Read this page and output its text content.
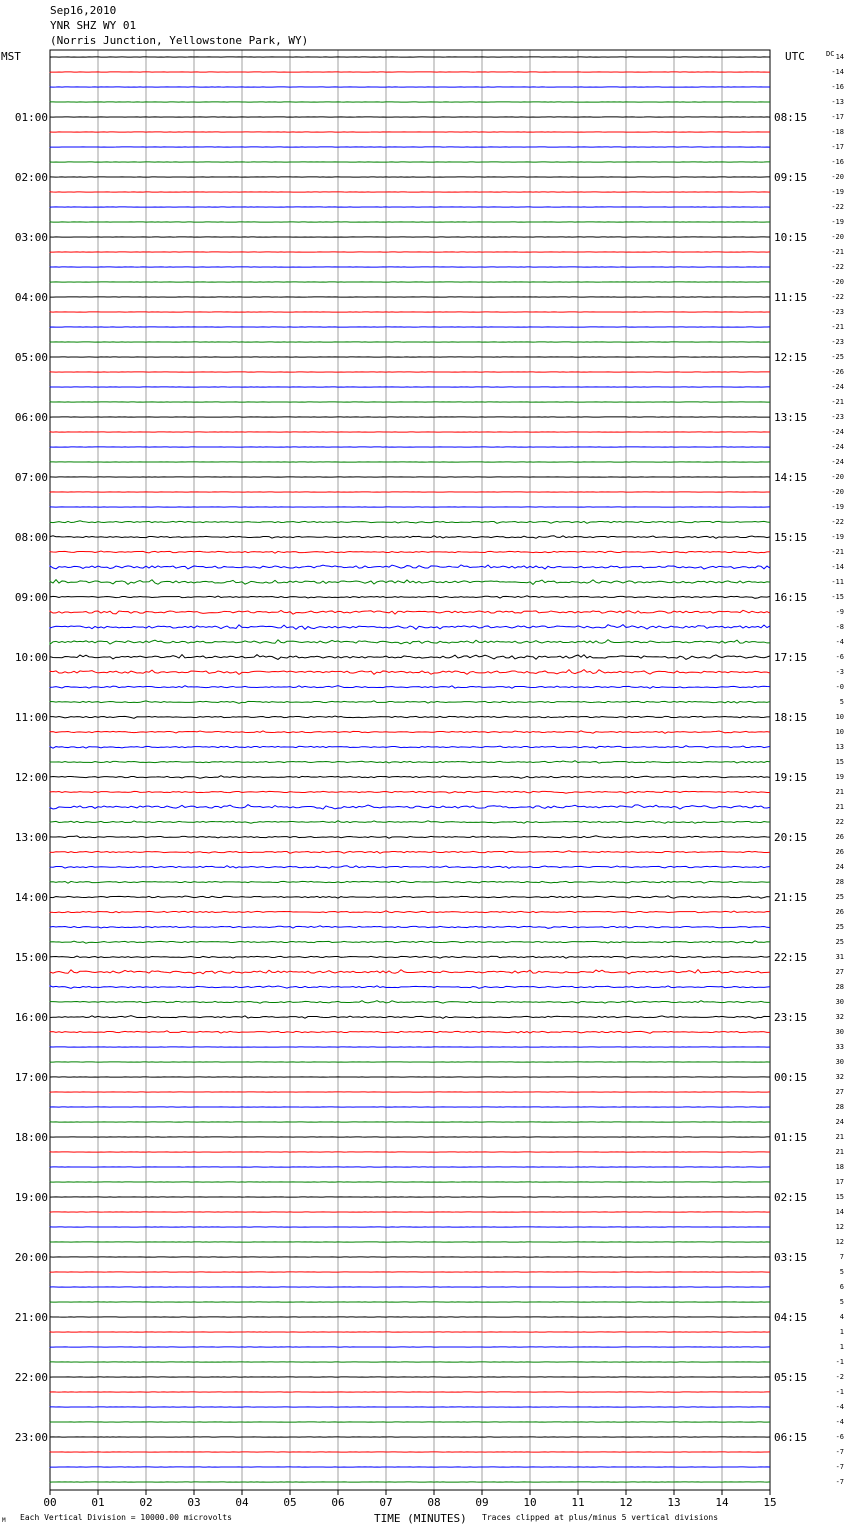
Sep16,2010
YNR SHZ WY 01
(Norris Junction, Yellowstone Park, WY)
MST	UTC	DC 14
-14
-16
-13
-17
-18
-17
-16
-20
-19
-22
-19
-20
-21
-22
-20
-22
-23
-21
-23
-25
-26
-24
-21
-23
-24
-24
-24
-20
-20
-19
-22
-19
-21
-14
-11
-15
-9
-8
-4
-6
-3
-0
5
10
10
13
15
19
21
21
22
26
26
24
28
25
26
25
25
31
27
28
30
32
30
33
30
32
27
28
24
21
21
18
17
15
14
12
12
7
5
6
5
4
1
1
-1
-2
-1
-4
-4
-6
-7
-7
-7
01:00
02:00
03:00
04:00
05:00
06:00
07:00
08:00
09:00
10:00
11:00
12:00
13:00
14:00
15:00
16:00
17:00
18:00
19:00
20:00
21:00
22:00
23:00
08:15
09:15
10:15
11:15
12:15
13:15
14:15
15:15
16:15
17:15
18:15
19:15
20:15
21:15
22:15
23:15
00:15
01:15
02:15
03:15
04:15
05:15
06:15
00	01	02	03	04	05	06	07	08	09	10	11	12	13	14	15
M Each Vertical Division = 10000.00 microvolts	TIME (MINUTES) Traces clipped at plus/minus 5 vertical divisions
